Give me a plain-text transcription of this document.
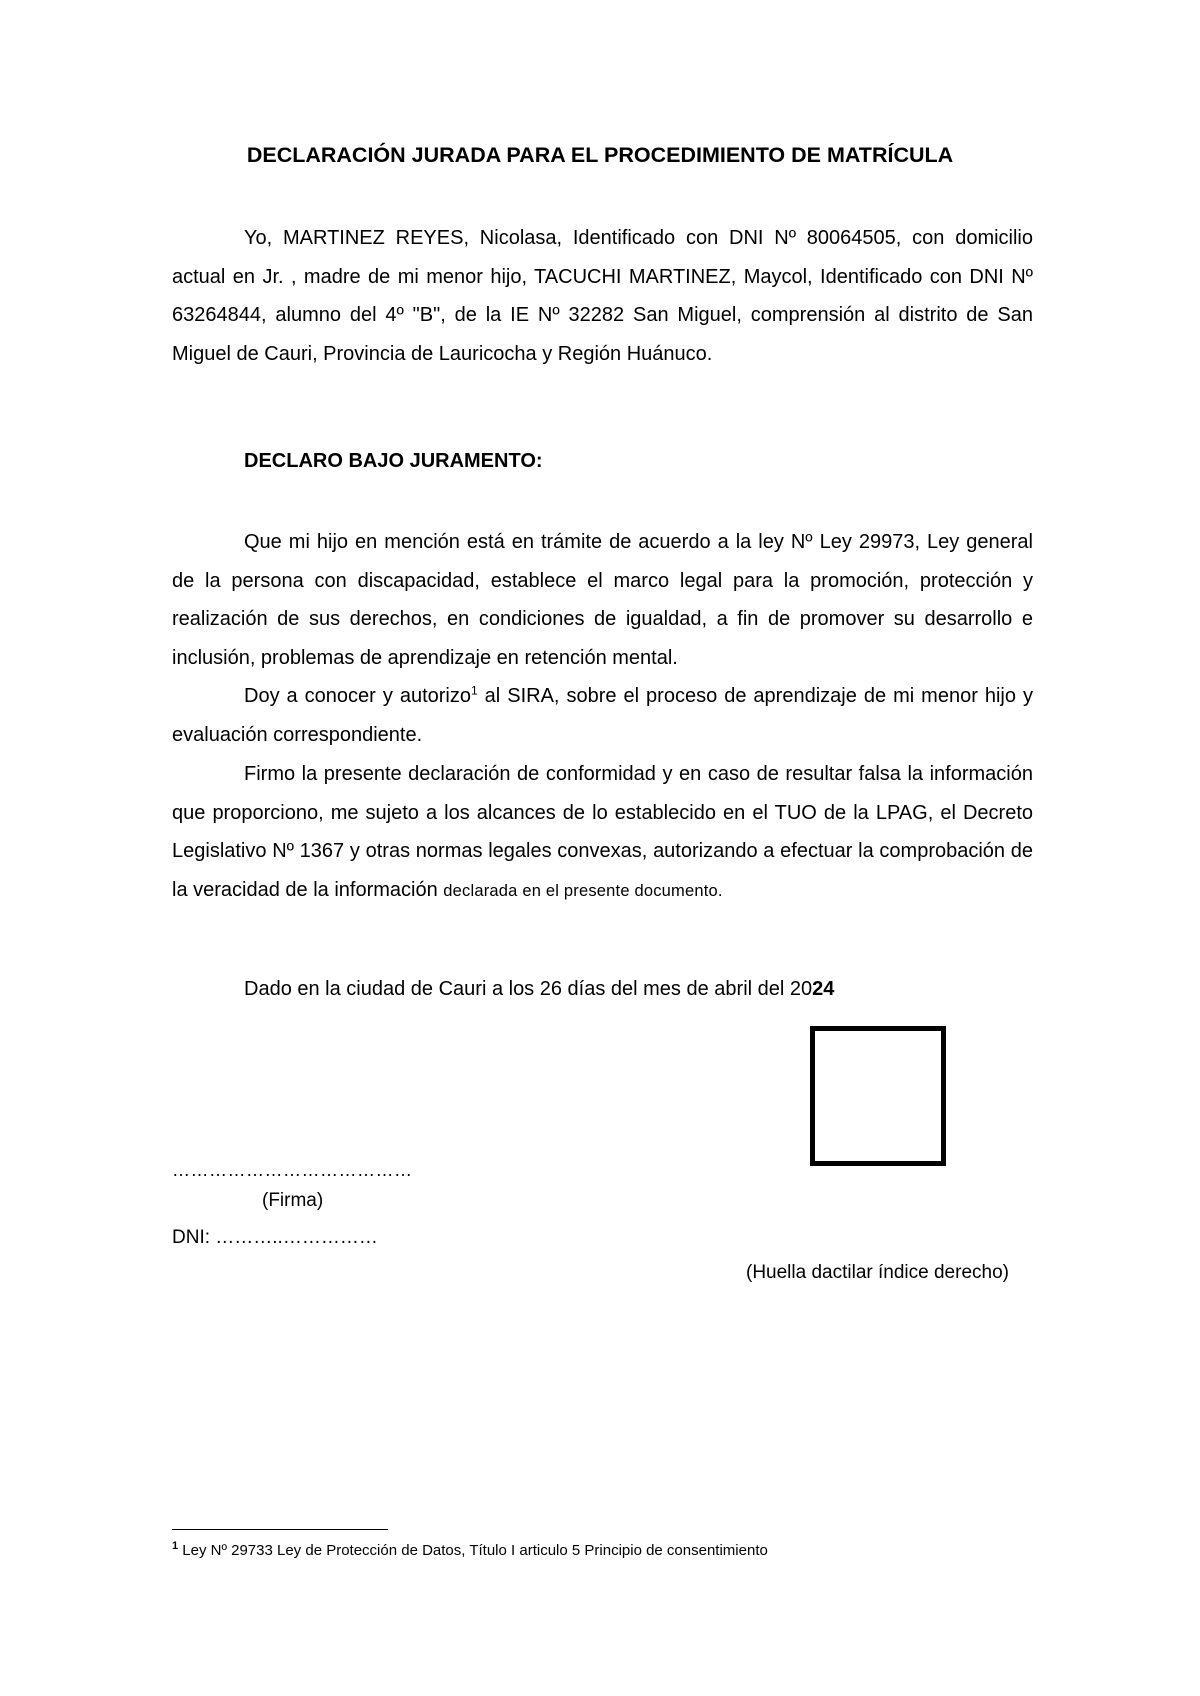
DECLARACIÓN JURADA PARA EL PROCEDIMIENTO DE MATRÍCULA

Yo, MARTINEZ REYES, Nicolasa, Identificado con DNI Nº 80064505, con domicilio actual en Jr. , madre de mi menor hijo, TACUCHI MARTINEZ, Maycol, Identificado con DNI Nº 63264844, alumno del 4º "B", de la IE Nº 32282 San Miguel, comprensión al distrito de San Miguel de Cauri, Provincia de Lauricocha y Región Huánuco.

DECLARO BAJO JURAMENTO:

Que mi hijo en mención está en trámite de acuerdo a la ley Nº Ley 29973, Ley general de la persona con discapacidad, establece el marco legal para la promoción, protección y realización de sus derechos, en condiciones de igualdad, a fin de promover su desarrollo e inclusión, problemas de aprendizaje en retención mental.

Doy a conocer y autorizo$^1$ al SIRA, sobre el proceso de aprendizaje de mi menor hijo y evaluación correspondiente.

Firmo la presente declaración de conformidad y en caso de resultar falsa la información que proporciono, me sujeto a los alcances de lo establecido en el TUO de la LPAG, el Decreto Legislativo Nº 1367 y otras normas legales convexas, autorizando a efectuar la comprobación de la veracidad de la información declarada en el presente documento.

Dado en la ciudad de Cauri a los 26 días del mes de abril del 2024

…………………………………

(Firma)

DNI: ………..……………

(Huella dactilar índice derecho)

$^1$ Ley Nº 29733 Ley de Protección de Datos, Título I articulo 5 Principio de consentimiento
